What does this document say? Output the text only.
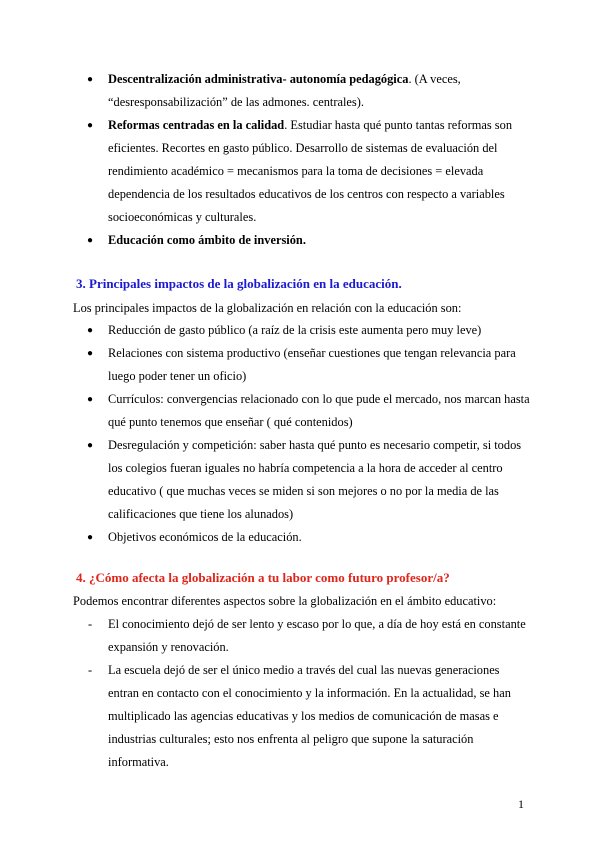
● Descentralización administrativa- autonomía pedagógica. (A veces, “desresponsabilización” de las admones. centrales).
● Reformas centradas en la calidad. Estudiar hasta qué punto tantas reformas son eficientes. Recortes en gasto público. Desarrollo de sistemas de evaluación del rendimiento académico = mecanismos para la toma de decisiones = elevada dependencia de los resultados educativos de los centros con respecto a variables socioeconómicas y culturales.
● Educación como ámbito de inversión.
3. Principales impactos de la globalización en la educación.
Los principales impactos de la globalización en relación con la educación son:
● Reducción de gasto público (a raíz de la crisis este aumenta pero muy leve)
● Relaciones con sistema productivo (enseñar cuestiones que tengan relevancia para luego poder tener un oficio)
● Currículos: convergencias relacionado con lo que pude el mercado, nos marcan hasta qué punto tenemos que enseñar ( qué contenidos)
● Desregulación y competición: saber hasta qué punto es necesario competir, si todos los colegios fueran iguales no habría competencia a la hora de acceder al centro educativo ( que muchas veces se miden si son mejores o no por la media de las calificaciones que tiene los alunados)
● Objetivos económicos de la educación.
4. ¿Cómo afecta la globalización a tu labor como futuro profesor/a?
Podemos encontrar diferentes aspectos sobre la globalización en el ámbito educativo:
- El conocimiento dejó de ser lento y escaso por lo que, a día de hoy está en constante expansión y renovación.
- La escuela dejó de ser el único medio a través del cual las nuevas generaciones entran en contacto con el conocimiento y la información. En la actualidad, se han multiplicado las agencias educativas y los medios de comunicación de masas e industrias culturales; esto nos enfrenta al peligro que supone la saturación informativa.
1
